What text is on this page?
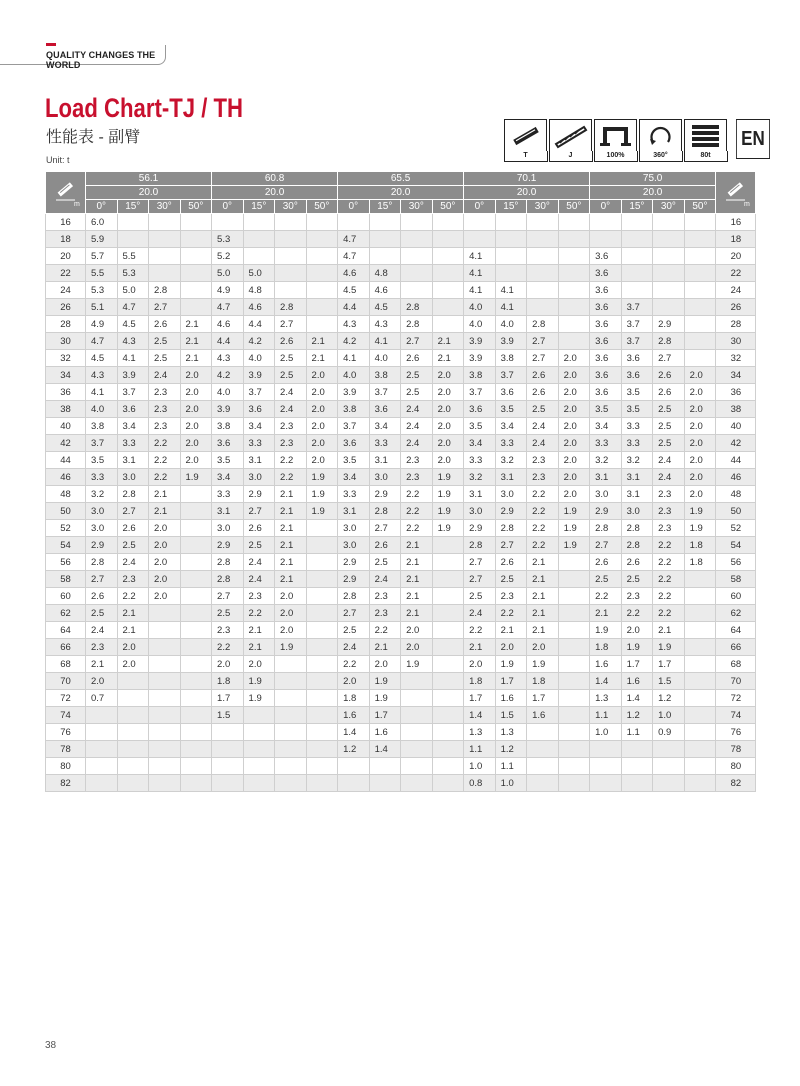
QUALITY CHANGES THE WORLD
Load Chart-TJ / TH
性能表 - 副臂
Unit: t	T	J	100%	360°	80t
EN
m	56.1				60.8				65.5				70.1				75.0				m

	20.0				20.0				20.0				20.0				20.0				
	0°	15°	30°	50°	0°	15°	30°	50°	0°	15°	30°	50°	0°	15°	30°	50°	0°	15°	30°	50°	
16	6.0																				16
18	5.9				5.3				4.7												18
20	5.7	5.5			5.2				4.7				4.1				3.6				20
22	5.5	5.3			5.0	5.0			4.6	4.8			4.1				3.6				22
24	5.3	5.0	2.8		4.9	4.8			4.5	4.6			4.1	4.1			3.6				24
26	5.1	4.7	2.7		4.7	4.6	2.8		4.4	4.5	2.8		4.0	4.1			3.6	3.7			26
28	4.9	4.5	2.6	2.1	4.6	4.4	2.7		4.3	4.3	2.8		4.0	4.0	2.8		3.6	3.7	2.9		28
30	4.7	4.3	2.5	2.1	4.4	4.2	2.6	2.1	4.2	4.1	2.7	2.1	3.9	3.9	2.7		3.6	3.7	2.8		30
32	4.5	4.1	2.5	2.1	4.3	4.0	2.5	2.1	4.1	4.0	2.6	2.1	3.9	3.8	2.7	2.0	3.6	3.6	2.7		32
34	4.3	3.9	2.4	2.0	4.2	3.9	2.5	2.0	4.0	3.8	2.5	2.0	3.8	3.7	2.6	2.0	3.6	3.6	2.6	2.0	34
36	4.1	3.7	2.3	2.0	4.0	3.7	2.4	2.0	3.9	3.7	2.5	2.0	3.7	3.6	2.6	2.0	3.6	3.5	2.6	2.0	36
38	4.0	3.6	2.3	2.0	3.9	3.6	2.4	2.0	3.8	3.6	2.4	2.0	3.6	3.5	2.5	2.0	3.5	3.5	2.5	2.0	38
40	3.8	3.4	2.3	2.0	3.8	3.4	2.3	2.0	3.7	3.4	2.4	2.0	3.5	3.4	2.4	2.0	3.4	3.3	2.5	2.0	40
42	3.7	3.3	2.2	2.0	3.6	3.3	2.3	2.0	3.6	3.3	2.4	2.0	3.4	3.3	2.4	2.0	3.3	3.3	2.5	2.0	42
44	3.5	3.1	2.2	2.0	3.5	3.1	2.2	2.0	3.5	3.1	2.3	2.0	3.3	3.2	2.3	2.0	3.2	3.2	2.4	2.0	44
46	3.3	3.0	2.2	1.9	3.4	3.0	2.2	1.9	3.4	3.0	2.3	1.9	3.2	3.1	2.3	2.0	3.1	3.1	2.4	2.0	46
48	3.2	2.8	2.1		3.3	2.9	2.1	1.9	3.3	2.9	2.2	1.9	3.1	3.0	2.2	2.0	3.0	3.1	2.3	2.0	48
50	3.0	2.7	2.1		3.1	2.7	2.1	1.9	3.1	2.8	2.2	1.9	3.0	2.9	2.2	1.9	2.9	3.0	2.3	1.9	50
52	3.0	2.6	2.0		3.0	2.6	2.1		3.0	2.7	2.2	1.9	2.9	2.8	2.2	1.9	2.8	2.8	2.3	1.9	52
54	2.9	2.5	2.0		2.9	2.5	2.1		3.0	2.6	2.1		2.8	2.7	2.2	1.9	2.7	2.8	2.2	1.8	54
56	2.8	2.4	2.0		2.8	2.4	2.1		2.9	2.5	2.1		2.7	2.6	2.1		2.6	2.6	2.2	1.8	56
58	2.7	2.3	2.0		2.8	2.4	2.1		2.9	2.4	2.1		2.7	2.5	2.1		2.5	2.5	2.2		58
60	2.6	2.2	2.0		2.7	2.3	2.0		2.8	2.3	2.1		2.5	2.3	2.1		2.2	2.3	2.2		60
62	2.5	2.1			2.5	2.2	2.0		2.7	2.3	2.1		2.4	2.2	2.1		2.1	2.2	2.2		62
64	2.4	2.1			2.3	2.1	2.0		2.5	2.2	2.0		2.2	2.1	2.1		1.9	2.0	2.1		64
66	2.3	2.0			2.2	2.1	1.9		2.4	2.1	2.0		2.1	2.0	2.0		1.8	1.9	1.9		66
68	2.1	2.0			2.0	2.0			2.2	2.0	1.9		2.0	1.9	1.9		1.6	1.7	1.7		68
70	2.0				1.8	1.9			2.0	1.9			1.8	1.7	1.8		1.4	1.6	1.5		70
72	0.7				1.7	1.9			1.8	1.9			1.7	1.6	1.7		1.3	1.4	1.2		72
74					1.5				1.6	1.7			1.4	1.5	1.6		1.1	1.2	1.0		74
76									1.4	1.6			1.3	1.3			1.0	1.1	0.9		76
78									1.2	1.4			1.1	1.2							78
80													1.0	1.1							80
82													0.8	1.0							82
38
